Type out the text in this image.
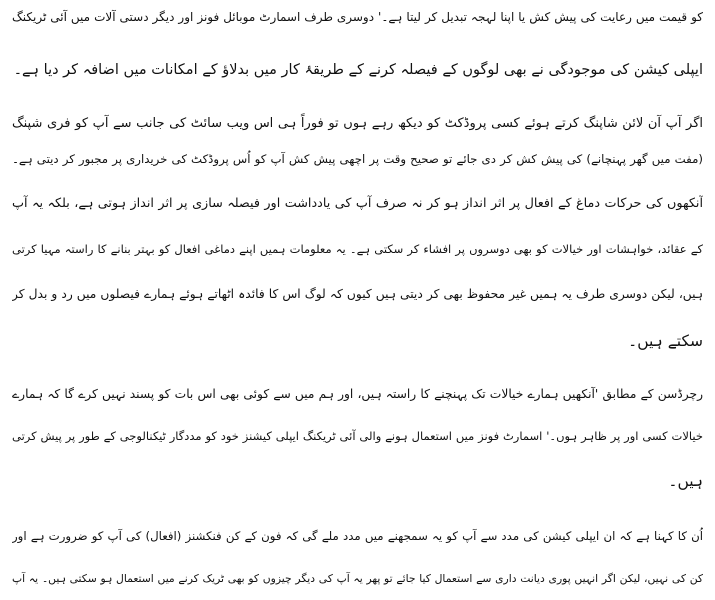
کو قیمت میں رعایت کی پیش کش یا اپنا لہجہ تبدیل کر لیتا ہے۔' دوسری طرف اسمارٹ موبائل فونز اور دیگر دستی آلات میں آئی ٹریکنگ
ایپلی کیشن کی موجودگی نے بھی لوگوں کے فیصلہ کرنے کے طریقۂ کار میں بدلاؤ کے امکانات میں اضافہ کر دیا ہے۔
اگر آپ آن لائن شاپنگ کرتے ہوئے کسی پروڈکٹ کو دیکھ رہے ہوں تو فوراً ہی اس ویب سائٹ کی جانب سے آپ کو فری شپنگ
(مفت میں گھر پہنچانے) کی پیش کش کر دی جائے تو صحیح وقت پر اچھی پیش کش آپ کو اُس پروڈکٹ کی خریداری پر مجبور کر دیتی ہے۔
آنکھوں کی حرکات دماغ کے افعال پر اثر انداز ہو کر نہ صرف آپ کی یادداشت اور فیصلہ سازی پر اثر انداز ہوتی ہے، بلکہ یہ آپ
کے عقائد، خواہشات اور خیالات کو بھی دوسروں پر افشاء کر سکتی ہے۔ یہ معلومات ہمیں اپنے دماغی افعال کو بہتر بنانے کا راستہ مہیا کرتی
ہیں، لیکن دوسری طرف یہ ہمیں غیر محفوظ بھی کر دیتی ہیں کیوں کہ لوگ اس کا فائدہ اٹھاتے ہوئے ہمارے فیصلوں میں رد و بدل کر
سکتے ہیں۔
رچرڈسن کے مطابق 'آنکھیں ہمارے خیالات تک پہنچنے کا راستہ ہیں، اور ہم میں سے کوئی بھی اس بات کو پسند نہیں کرے گا کہ ہمارے
خیالات کسی اور پر ظاہر ہوں۔' اسمارٹ فونز میں استعمال ہونے والی آئی ٹریکنگ ایپلی کیشنز خود کو مددگار ٹیکنالوجی کے طور پر پیش کرتی
ہیں۔
اُن کا کہنا ہے کہ ان ایپلی کیشن کی مدد سے آپ کو یہ سمجھنے میں مدد ملے گی کہ فون کے کن فنکشنز (افعال) کی آپ کو ضرورت ہے اور
کن کی نہیں، لیکن اگر انہیں پوری دیانت داری سے استعمال کیا جائے تو پھر یہ آپ کی دیگر چیزوں کو بھی ٹریک کرنے میں استعمال ہو سکتی ہیں۔ یہ آپ
